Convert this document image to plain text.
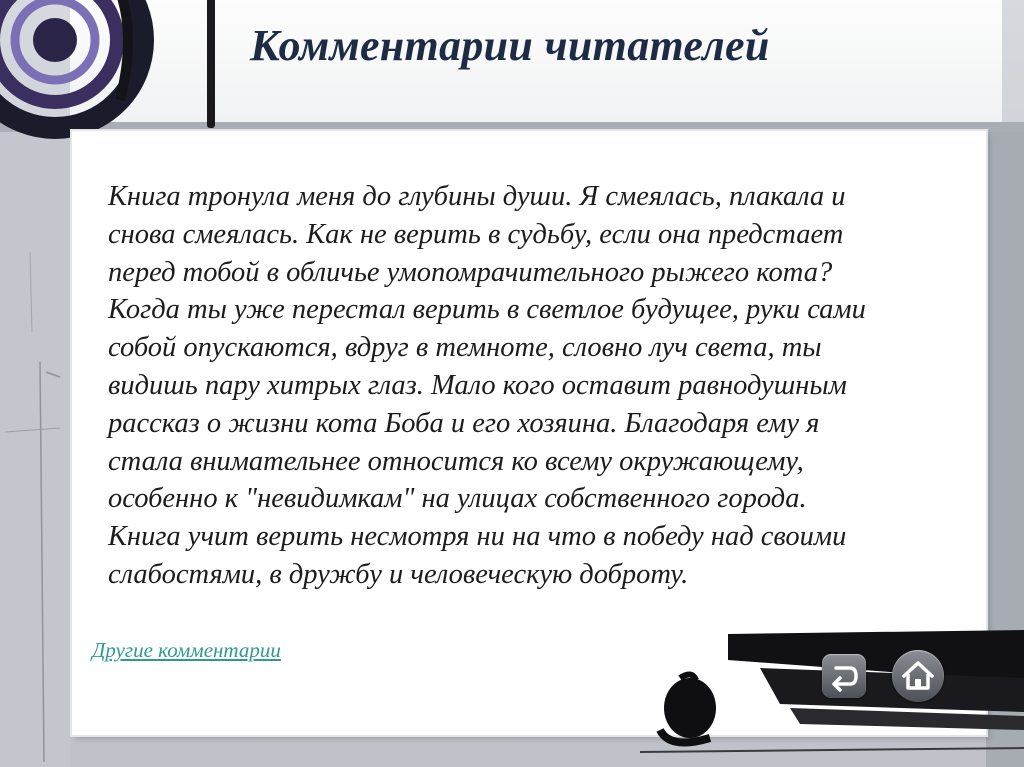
Комментарии читателей

Книга тронула меня до глубины души. Я смеялась, плакала и
снова смеялась. Как не верить в судьбу, если она предстает
перед тобой в обличье умопомрачительного рыжего кота?
Когда ты уже перестал верить в светлое будущее, руки сами
собой опускаются, вдруг в темноте, словно луч света, ты
видишь пару хитрых глаз. Мало кого оставит равнодушным
рассказ о жизни кота Боба и его хозяина. Благодаря ему я
стала внимательнее относится ко всему окружающему,
особенно к "невидимкам" на улицах собственного города.
Книга учит верить несмотря ни на что в победу над своими
слабостями, в дружбу и человеческую доброту.

Другие комментарии
